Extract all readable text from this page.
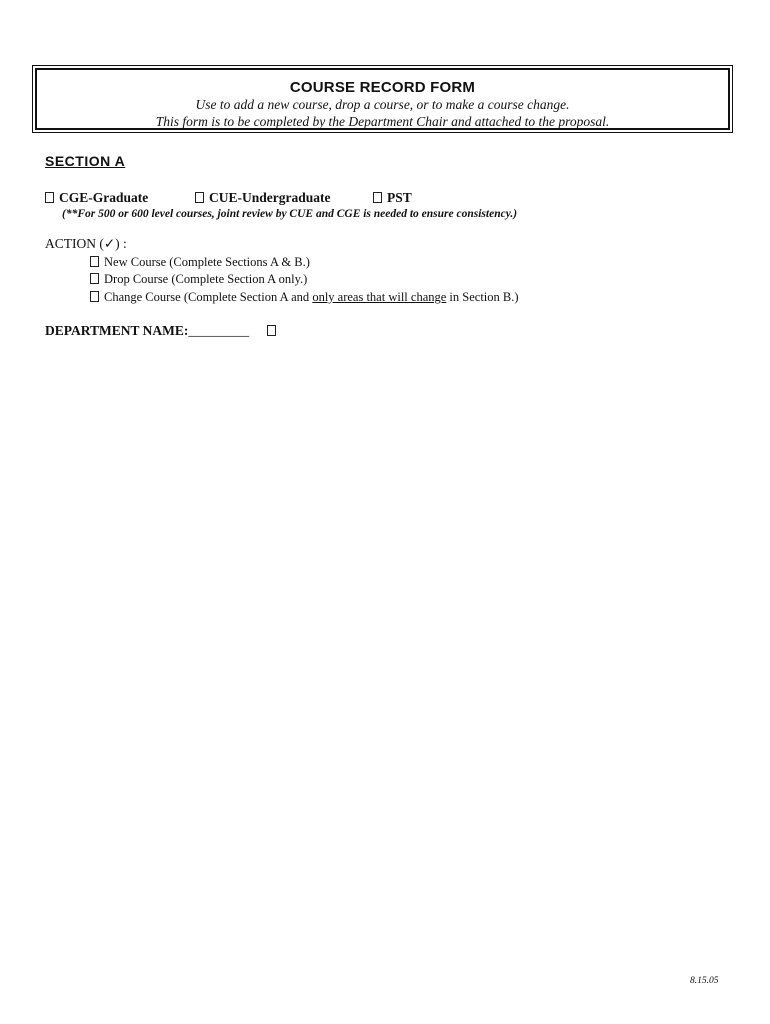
COURSE RECORD FORM
Use to add a new course, drop a course, or to make a course change.
This form is to be completed by the Department Chair and attached to the proposal.
SECTION A
CGE-Graduate	CUE-Undergraduate	PST
(**For 500 or 600 level courses, joint review by CUE and CGE is needed to ensure consistency.)
ACTION (✓) :
New Course (Complete Sections A & B.)
Drop Course (Complete Section A only.)
Change Course (Complete Section A and only areas that will change in Section B.)
DEPARTMENT NAME:_________
8.15.05
